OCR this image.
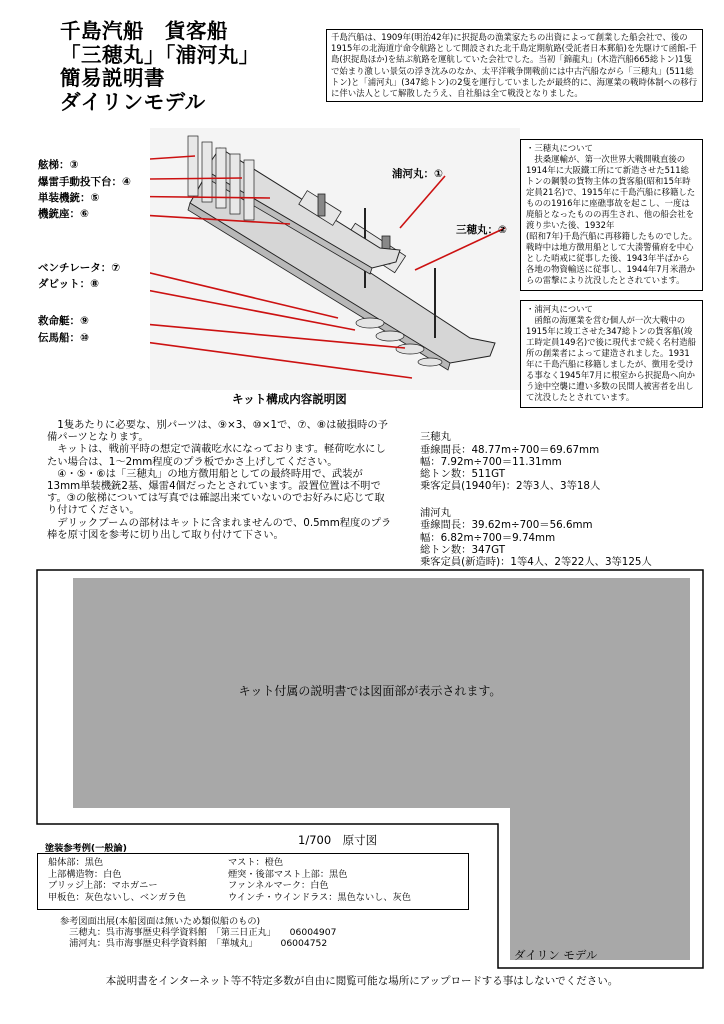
千島汽船　貨客船
「三穂丸」「浦河丸」
簡易説明書
ダイリンモデル
千島汽船は、1909年(明治42年)に択捉島の漁業家たちの出資によって創業した船会社で、後の1915年の北海道庁命令航路として開設された北千島定期航路(受託者日本郵船)を先駆けて函館-千島(択捉島ほか)を結ぶ航路を運航していた会社でした。当初「錦龍丸」(木造汽船665総トン)1隻で始まり激しい景気の浮き沈みのなか、太平洋戦争開戦前には中古汽船ながら「三穂丸」(511総トン)と「浦河丸」(347総トン)の2隻を運行していましたが最終的に、海運業の戦時体制への移行に伴い法人として解散したうえ、自社船は全て戦没となりました。
舷梯：③
爆雷手動投下台：④
単装機銃：⑤
機銃座：⑥
ベンチレータ：⑦
ダビット：⑧
救命艇：⑨
伝馬船：⑩
浦河丸：①
三穂丸：②
・三穂丸について
　扶桑運輸が、第一次世界大戦開戦直後の1914年に大阪鐵工所にて新造させた511総トンの鋼製の貨物主体の貨客船(昭和15年時定員21名)で、1915年に千島汽船に移籍したものの1916年に座礁事故を起こし、一度は廃船となったものの再生され、他の船会社を渡り歩いた後、1932年
(昭和7年)千島汽船に再移籍したものでした。戦時中は地方徴用船として大湊警備府を中心とした哨戒に従事した後、1943年半ばから各地の物資輸送に従事し、1944年7月米潜からの雷撃により沈没したとされています。
・浦河丸について
　函館の海運業を営む個人が一次大戦中の1915年に竣工させた347総トンの貨客船(竣工時定員149名)で後に現代まで続く名村造船所の創業者によって建造されました。1931年に千島汽船に移籍しましたが、徴用を受ける事なく1945年7月に根室から択捉島へ向かう途中空襲に遭い多数の民間人被害者を出して沈没したとされています。
キット構成内容説明図
　1隻あたりに必要な、別パーツは、⑨×3、⑩×1で、⑦、⑧は破損時の予備パーツとなります。
　キットは、戦前平時の想定で満載吃水になっております。軽荷吃水にしたい場合は、1～2mm程度のプラ板でかさ上げしてください。
　④・⑤・⑥は「三穂丸」の地方徴用船としての最終時用で、武装が13mm単装機銃2基、爆雷4個だったとされています。設置位置は不明です。③の舷梯については写真では確認出来ていないのでお好みに応じて取り付けてください。
　デリックブームの部材はキットに含まれませんので、0.5mm程度のプラ棒を原寸図を参考に切り出して取り付けて下さい。

三穂丸
垂線間長：48.77m÷700＝69.67mm
幅：7.92m÷700＝11.31mm
総トン数：511GT
乗客定員(1940年)：2等3人、3等18人

浦河丸
垂線間長：39.62m÷700＝56.6mm
幅：6.82m÷700＝9.74mm
総トン数：347GT
乗客定員(新造時)：1等4人、2等22人、3等125人

キット付属の説明書では図面部が表示されます。
1/700　原寸図
塗装参考例(一般論)
船体部：黒色
上部構造物：白色
ブリッジ上部：マホガニー
甲板色：灰色ないし、ベンガラ色
マスト：橙色
煙突・後部マスト上部：黒色
ファンネルマーク：白色
ウインチ・ウインドラス：黒色ないし、灰色
参考図面出展(本船図面は無いため類似船のもの)
　三穂丸：呉市海事歴史科学資料館　「第三日正丸」　　06004907
　浦河丸：呉市海事歴史科学資料館　「華城丸」　　　06004752
ダイリン モデル
本説明書をインターネット等不特定多数が自由に閲覧可能な場所にアップロードする事はしないでください。
